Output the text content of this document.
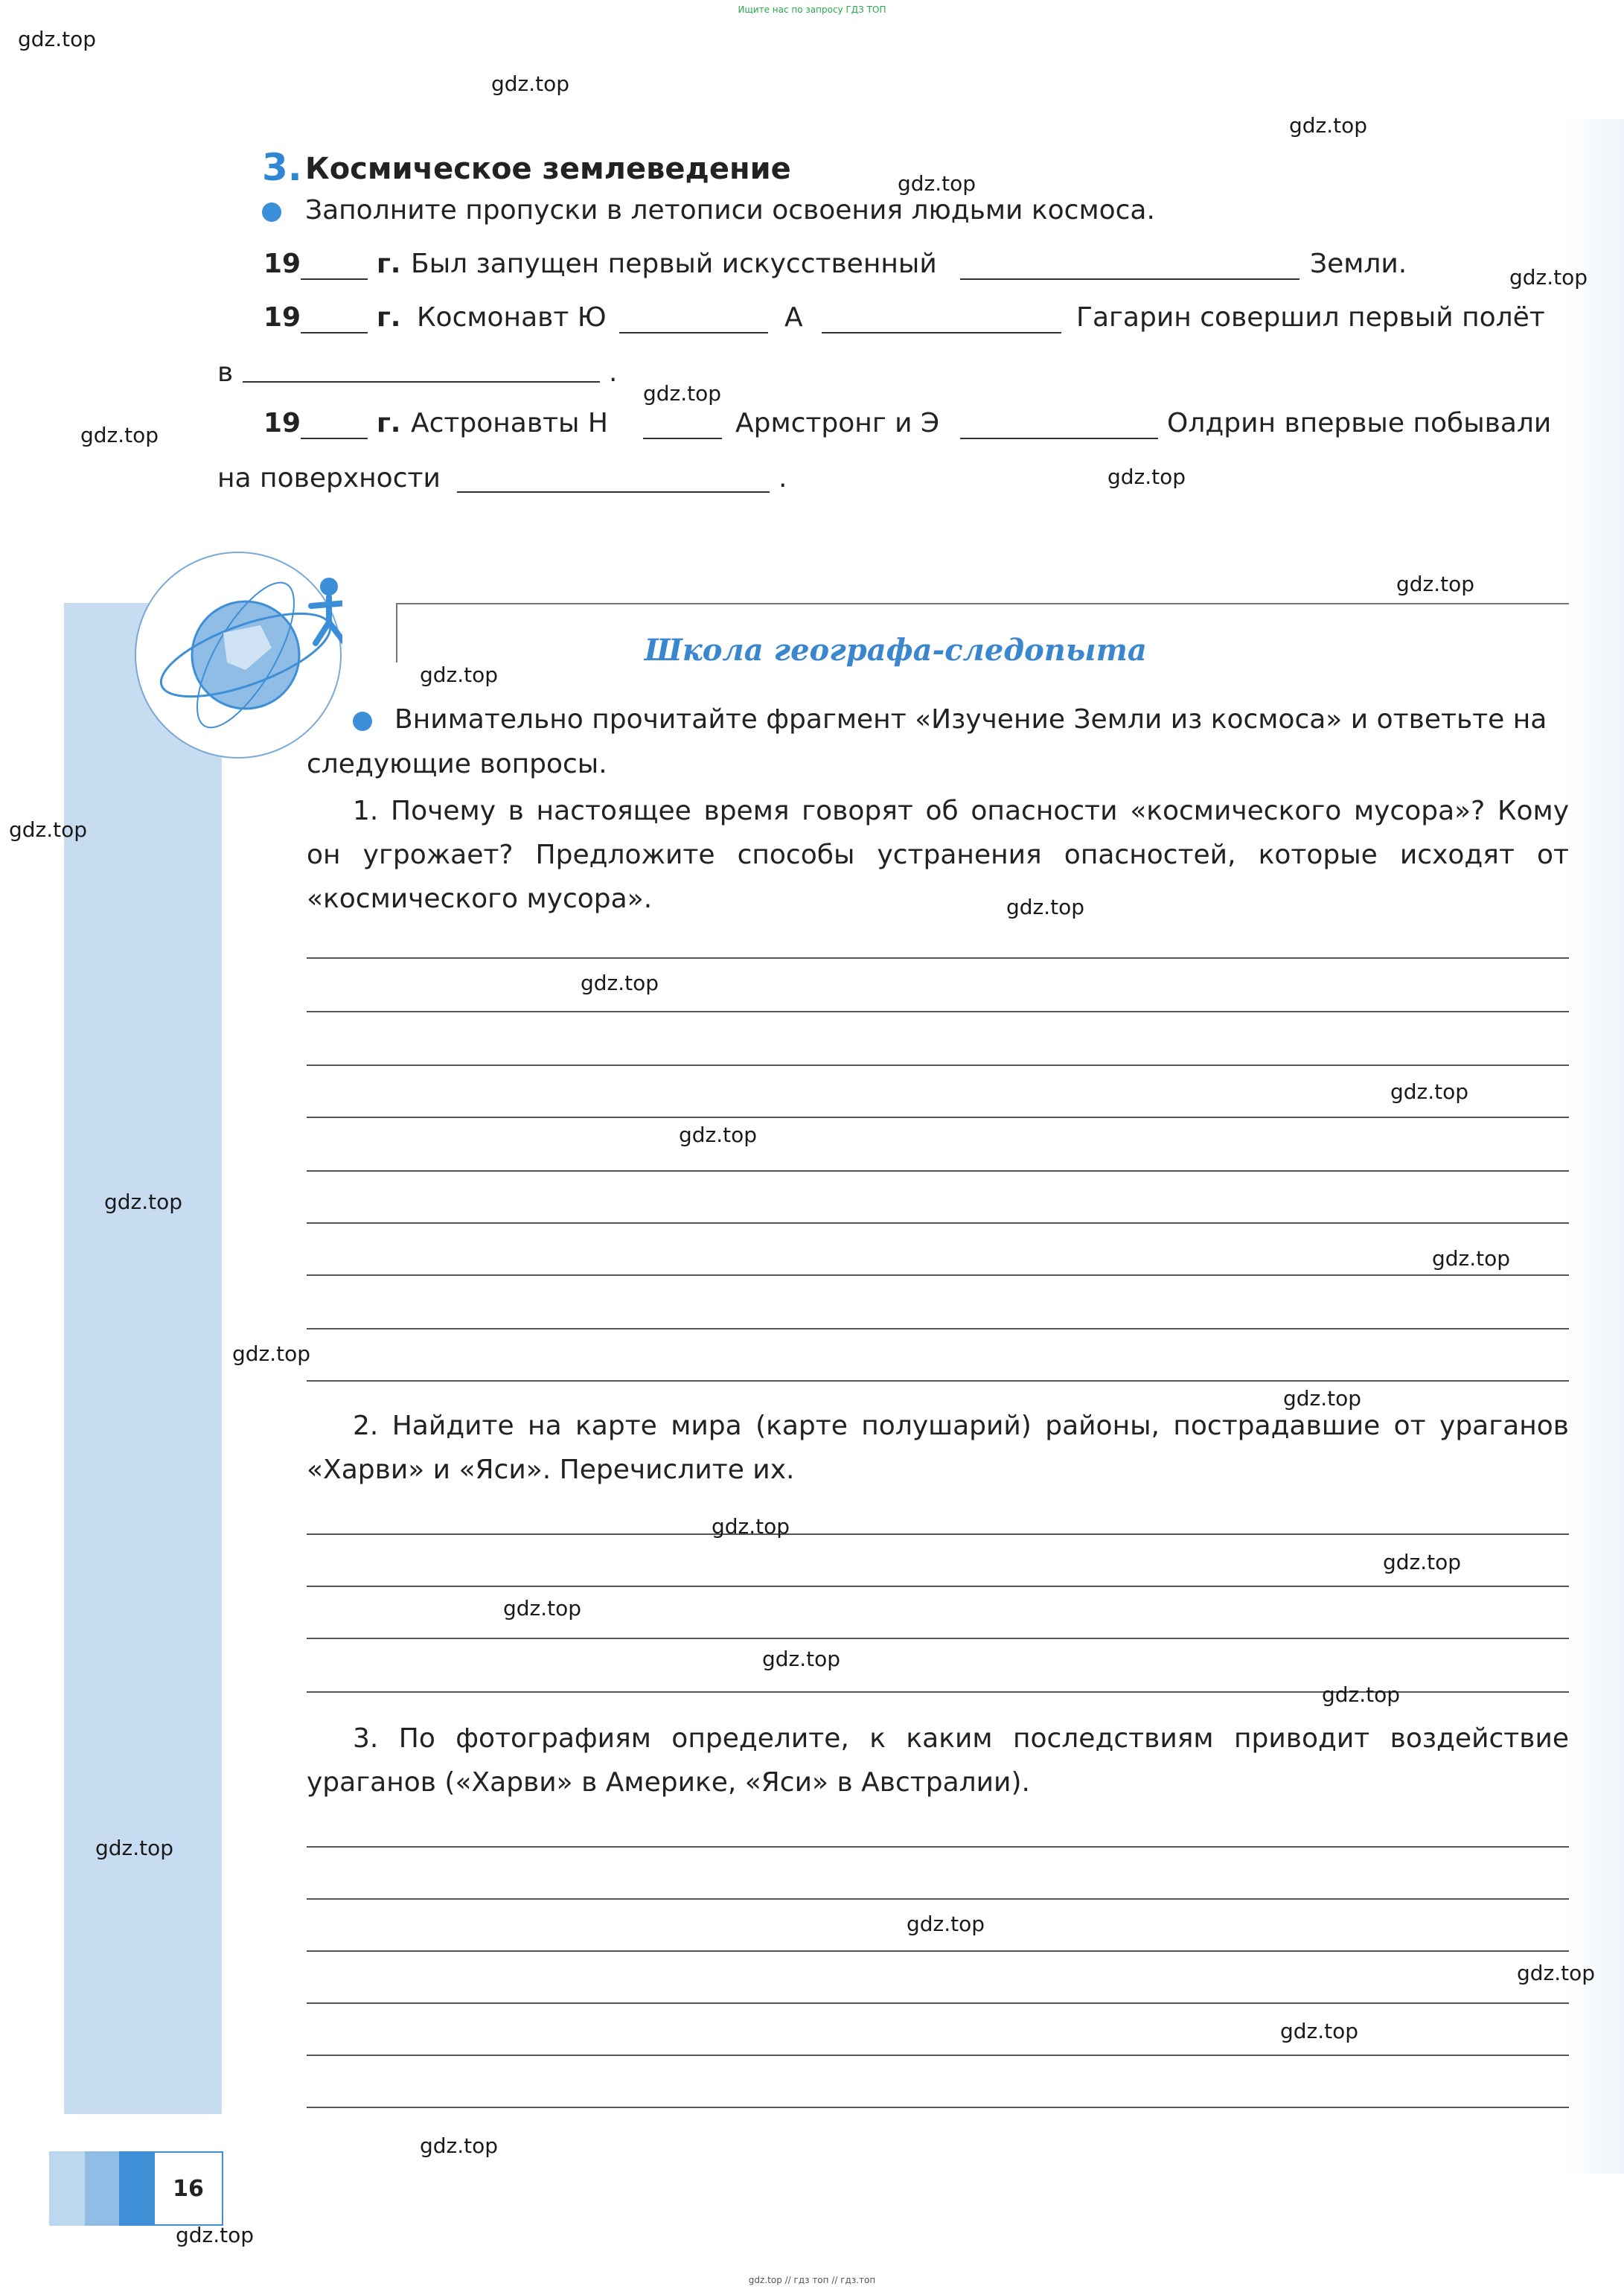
Ищите нас по запросу ГДЗ ТОП
3. Космическое землеведение
Заполните пропуски в летописи освоения людьми космоса.
19	г. Был запущен первый искусственный	Земли.
19	г. Космонавт Ю	А	Гагарин совершил первый полёт
в	.
19	г. Астронавты Н	Армстронг и Э	Олдрин впервые побывали
на поверхности	.
Школа географа-следопыта
Внимательно прочитайте фрагмент «Изучение Земли из космоса» и ответьте на
следующие вопросы.
1. Почему в настоящее время говорят об опасности «космического мусора»? Кому он угрожает? Предложите способы устранения опасностей, которые исходят от «космического мусора».
2. Найдите на карте мира (карте полушарий) районы, пострадавшие от ураганов «Харви» и «Яси». Перечислите их.
3. По фотографиям определите, к каким последствиям приводит воздействие ураганов («Харви» в Америке, «Яси» в Австралии).
16
gdz.top
gdz.top
gdz.top
gdz.top
gdz.top
gdz.top
gdz.top
gdz.top
gdz.top
gdz.top
gdz.top
gdz.top
gdz.top
gdz.top
gdz.top
gdz.top
gdz.top
gdz.top
gdz.top
gdz.top
gdz.top
gdz.top
gdz.top
gdz.top
gdz.top
gdz.top
gdz.top
gdz.top
gdz.top
gdz.top
gdz.top // гдз топ // гдз.топ
